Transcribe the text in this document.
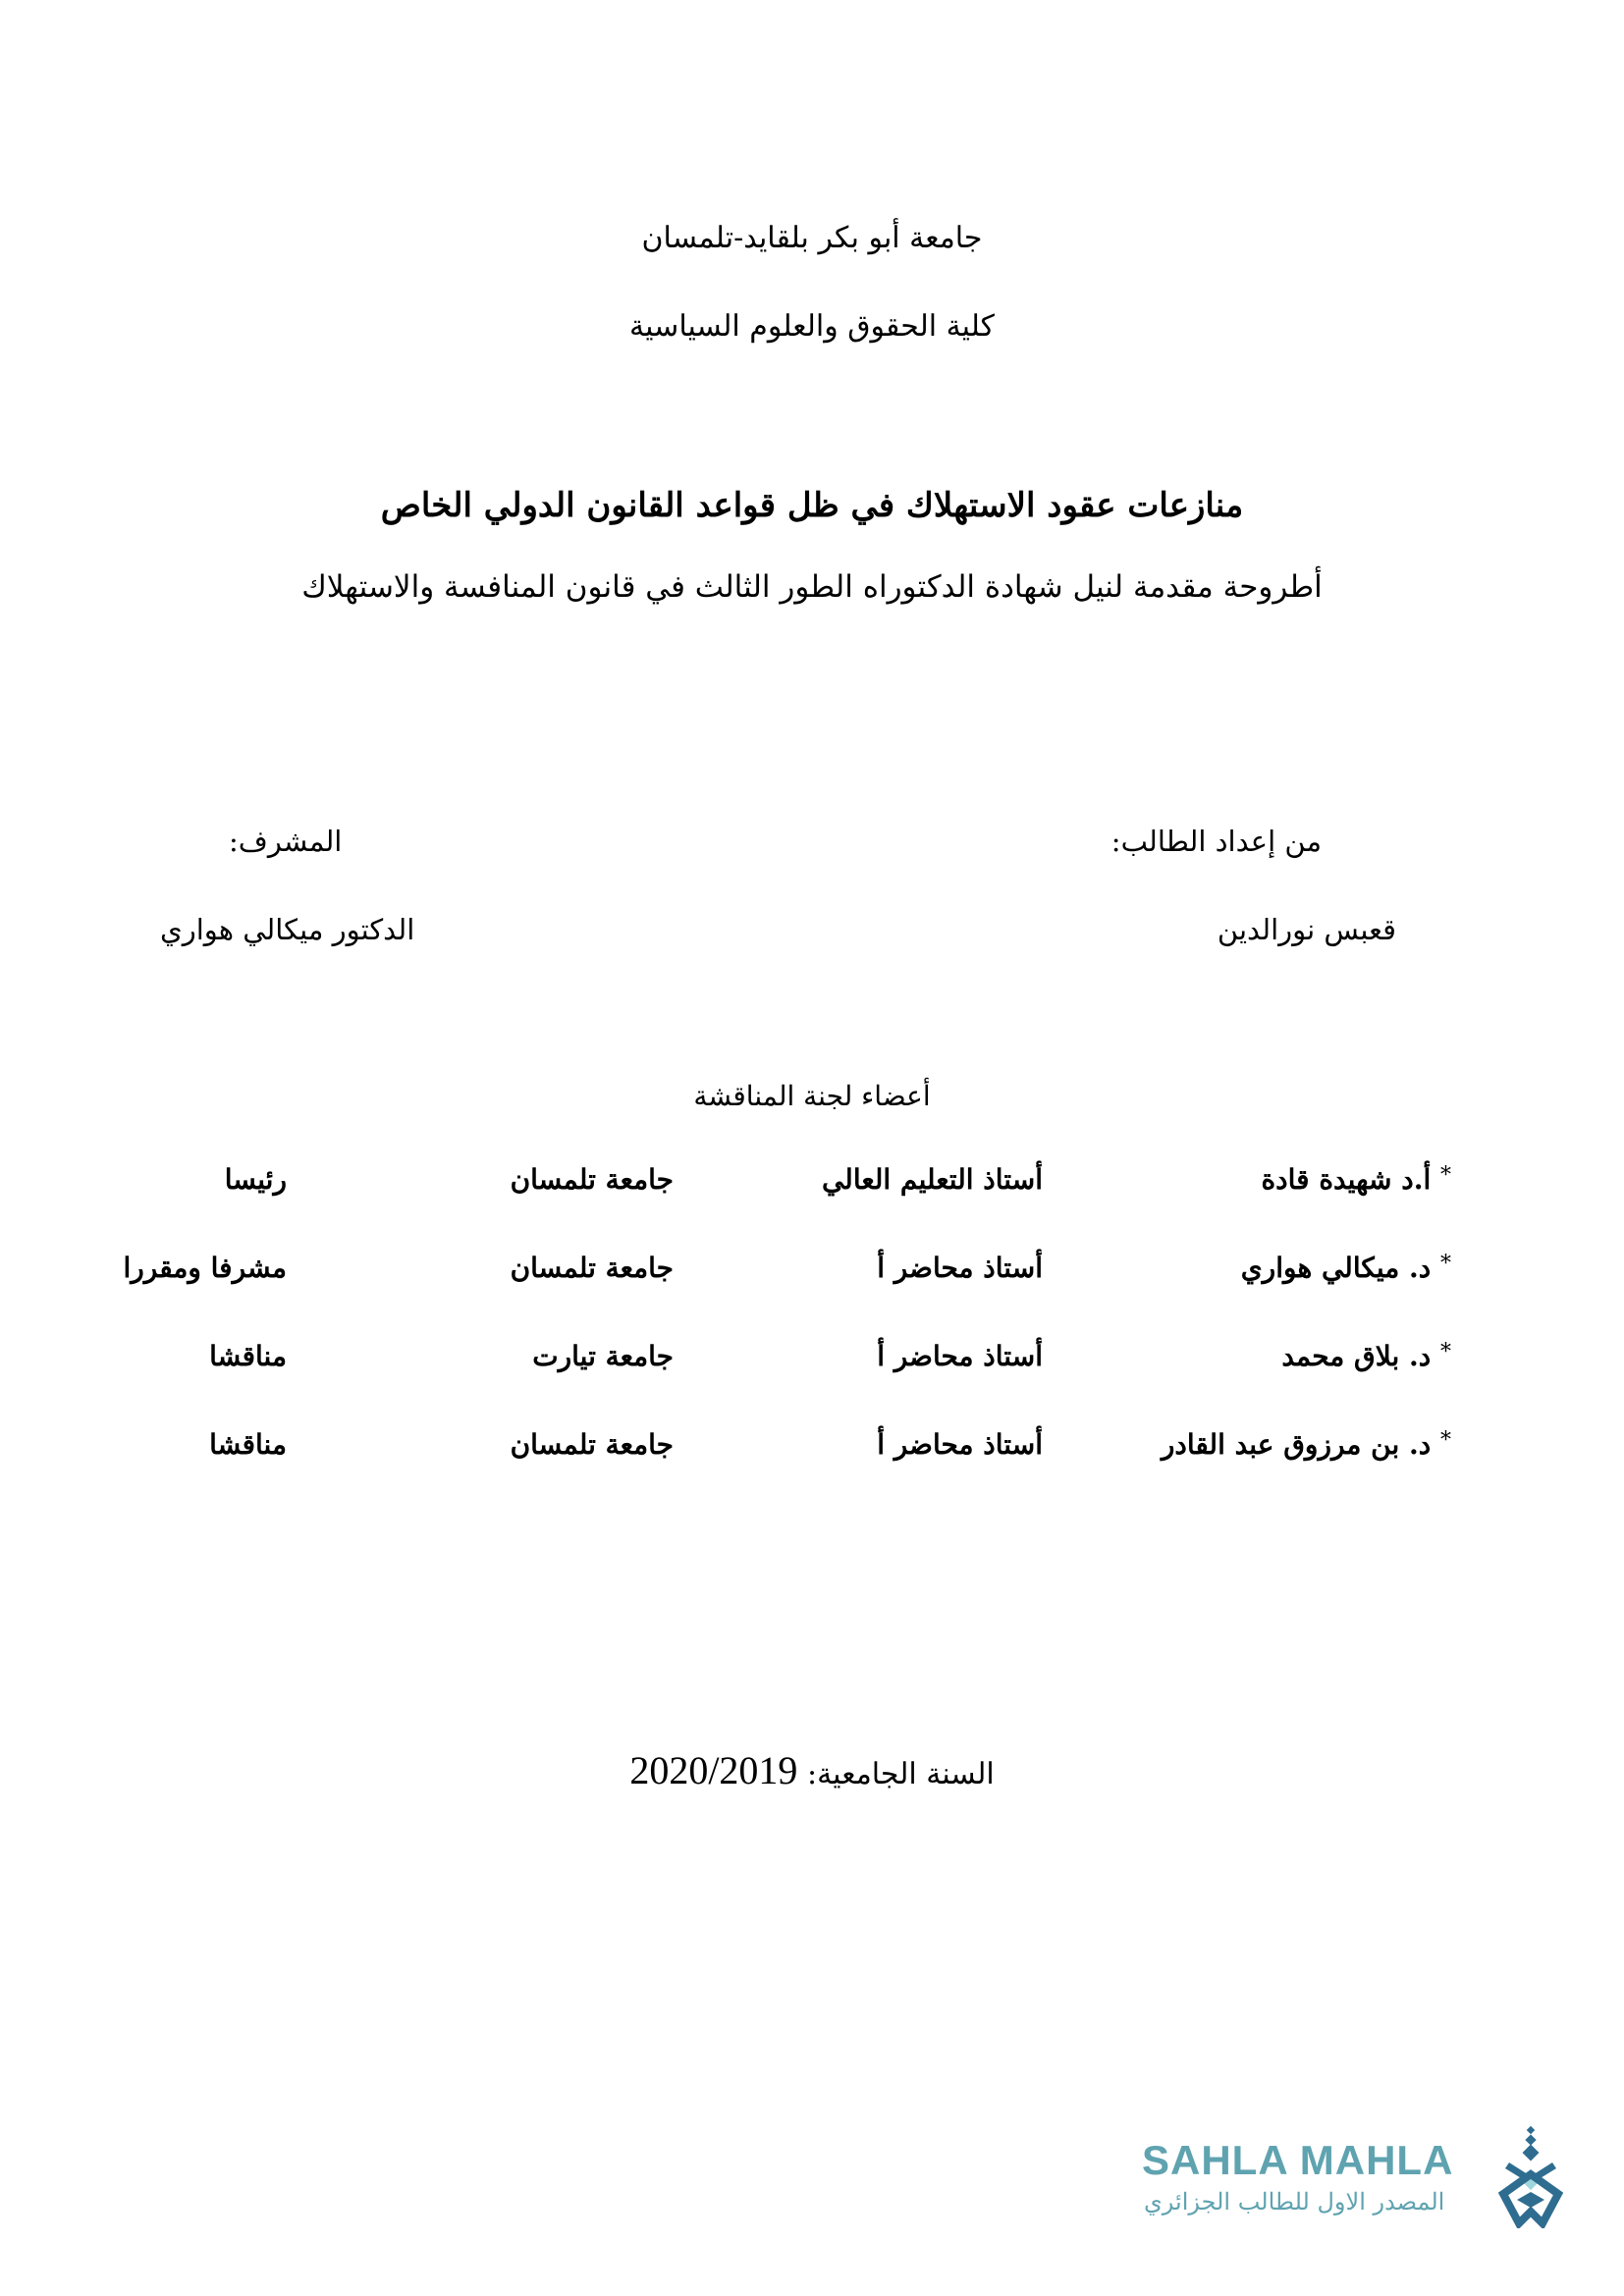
جامعة أبو بكر بلقايد-تلمسان
كلية الحقوق والعلوم السياسية
منازعات عقود الاستهلاك في ظل قواعد القانون الدولي الخاص
أطروحة مقدمة لنيل شهادة الدكتوراه الطور الثالث في قانون المنافسة والاستهلاك
من إعداد الطالب:
المشرف:
قعبس نورالدين
الدكتور ميكالي هواري
أعضاء لجنة المناقشة
* أ.د شهيدة قادة
أستاذ التعليم العالي
جامعة تلمسان
رئيسا
* د. ميكالي هواري
أستاذ محاضر أ
جامعة تلمسان
مشرفا ومقررا
* د. بلاق محمد
أستاذ محاضر أ
جامعة تيارت
مناقشا
* د. بن مرزوق عبد القادر
أستاذ محاضر أ
جامعة تلمسان
مناقشا
السنة الجامعية: 2020/2019
SAHLA MAHLA
المصدر الاول للطالب الجزائري
